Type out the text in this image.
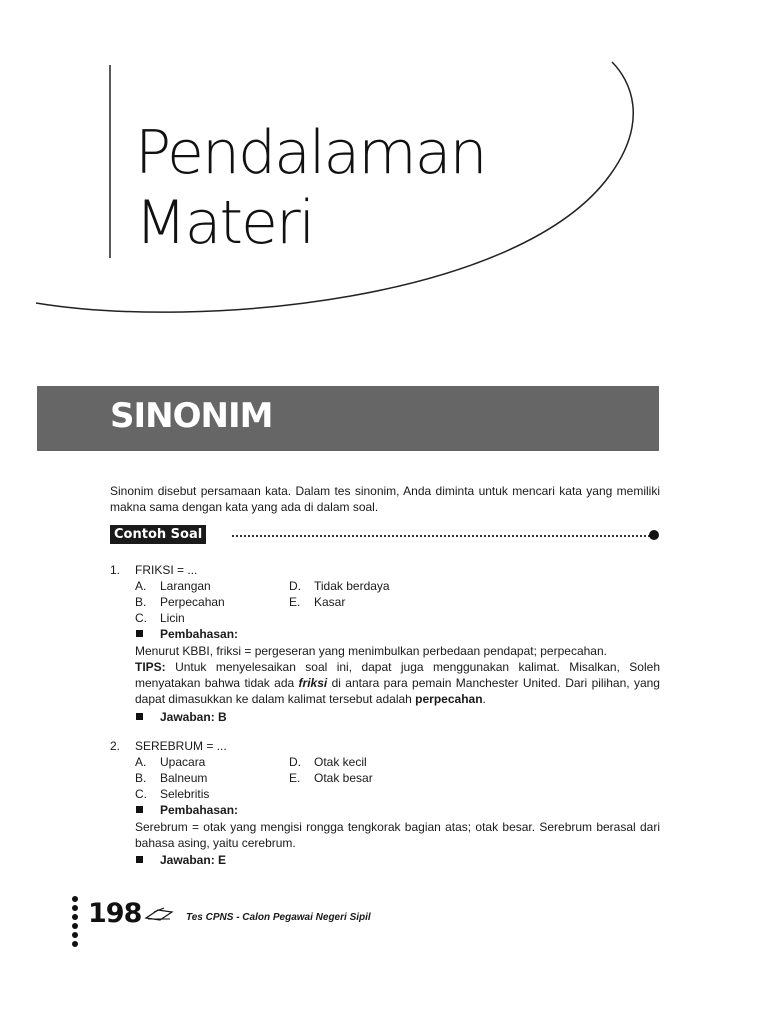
Pendalaman
Materi
SINONIM
Sinonim disebut persamaan kata. Dalam tes sinonim, Anda diminta untuk mencari kata yang memiliki makna sama dengan kata yang ada di dalam soal.
Contoh Soal
1. FRIKSI = ...
A.	Larangan
B.	Perpecahan
C.	Licin
D.	Tidak berdaya
E.	Kasar
Pembahasan:
Menurut KBBI, friksi = pergeseran yang menimbulkan perbedaan pendapat; perpecahan.
TIPS: Untuk menyelesaikan soal ini, dapat juga menggunakan kalimat. Misalkan, Soleh menyatakan bahwa tidak ada friksi di antara para pemain Manchester United. Dari pilihan, yang dapat dimasukkan ke dalam kalimat tersebut adalah perpecahan.
Jawaban: B
2. SEREBRUM = ...
A.	Upacara
B.	Balneum
C.	Selebritis
D.	Otak kecil
E.	Otak besar
Pembahasan:
Serebrum = otak yang mengisi rongga tengkorak bagian atas; otak besar. Serebrum berasal dari bahasa asing, yaitu cerebrum.
Jawaban: E
198	Tes CPNS - Calon Pegawai Negeri Sipil
